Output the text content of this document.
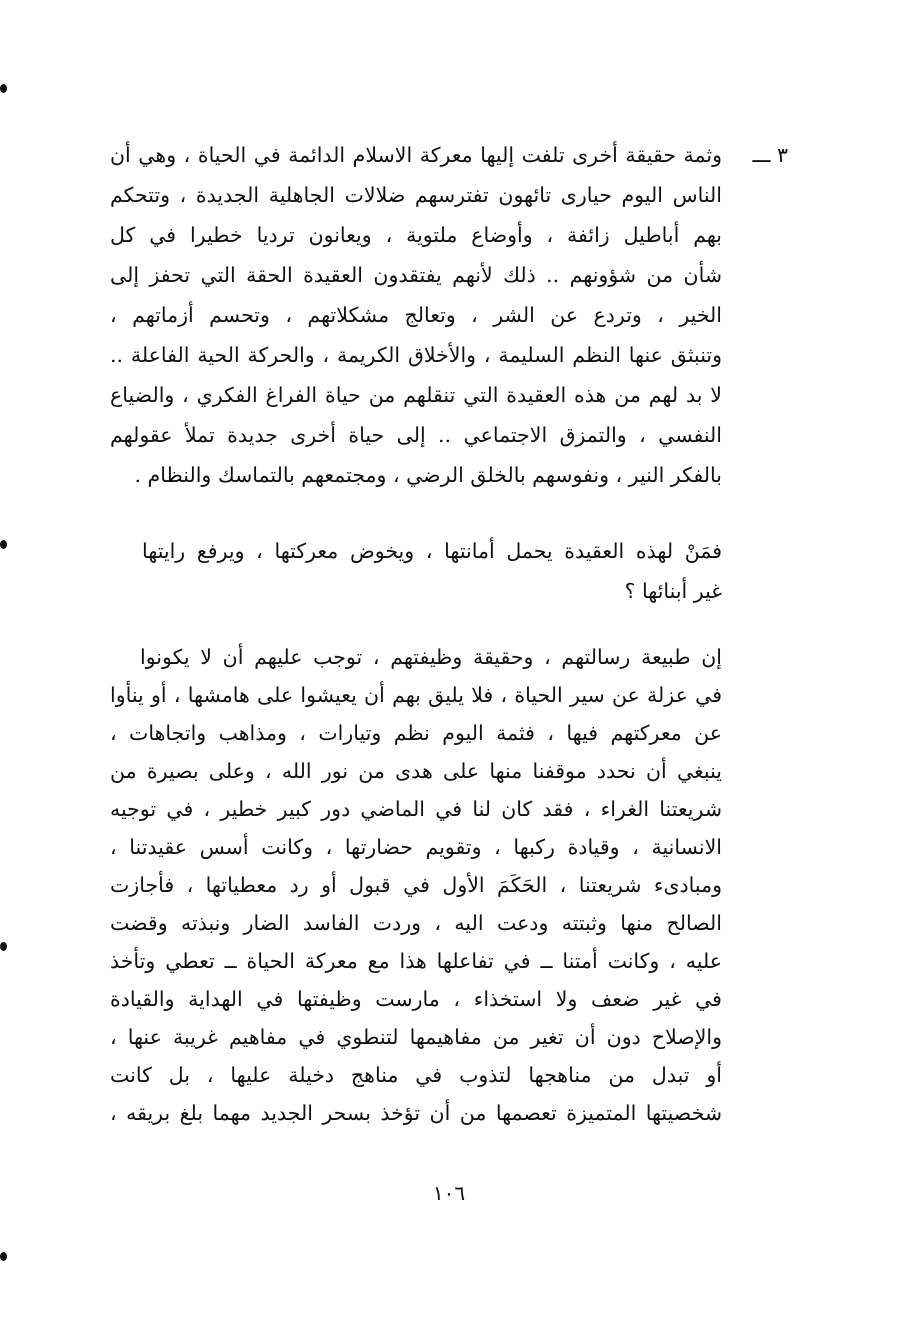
٣ ـــ
وثمة حقيقة أخرى تلفت إليها معركة الاسلام الدائمة في الحياة ، وهي أن
الناس اليوم حيارى تائهون تفترسهم ضلالات الجاهلية الجديدة ، وتتحكم
بهم أباطيل زائفة ، وأوضاع ملتوية ، ويعانون ترديا خطيرا في كل
شأن من شؤونهم .. ذلك لأنهم يفتقدون العقيدة الحقة التي تحفز إلى
الخير ، وتردع عن الشر ، وتعالج مشكلاتهم ، وتحسم أزماتهم ،
وتنبثق عنها النظم السليمة ، والأخلاق الكريمة ، والحركة الحية الفاعلة ..
لا بد لهم من هذه العقيدة التي تنقلهم من حياة الفراغ الفكري ، والضياع
النفسي ، والتمزق الاجتماعي .. إلى حياة أخرى جديدة تملأ عقولهم
بالفكر النير ، ونفوسهم بالخلق الرضي ، ومجتمعهم بالتماسك والنظام .
فمَنْ لهذه العقيدة يحمل أمانتها ، ويخوض معركتها ، ويرفع رايتها
غير أبنائها ؟
إن طبيعة رسالتهم ، وحقيقة وظيفتهم ، توجب عليهم أن لا يكونوا
في عزلة عن سير الحياة ، فلا يليق بهم أن يعيشوا على هامشها ، أو ينأوا
عن معركتهم فيها ، فثمة اليوم نظم وتيارات ، ومذاهب واتجاهات ،
ينبغي أن نحدد موقفنا منها على هدى من نور الله ، وعلى بصيرة من
شريعتنا الغراء ، فقد كان لنا في الماضي دور كبير خطير ، في توجيه
الانسانية ، وقيادة ركبها ، وتقويم حضارتها ، وكانت أسس عقيدتنا ،
ومبادىء شريعتنا ، الحَكَمَ الأول في قبول أو رد معطياتها ، فأجازت
الصالح منها وثبتته ودعت اليه ، وردت الفاسد الضار ونبذته وقضت
عليه ، وكانت أمتنا ــ في تفاعلها هذا مع معركة الحياة ــ تعطي وتأخذ
في غير ضعف ولا استخذاء ، مارست وظيفتها في الهداية والقيادة
والإصلاح دون أن تغير من مفاهيمها لتنطوي في مفاهيم غريبة عنها ،
أو تبدل من مناهجها لتذوب في مناهج دخيلة عليها ، بل كانت
شخصيتها المتميزة تعصمها من أن تؤخذ بسحر الجديد مهما بلغ بريقه ،
١٠٦
